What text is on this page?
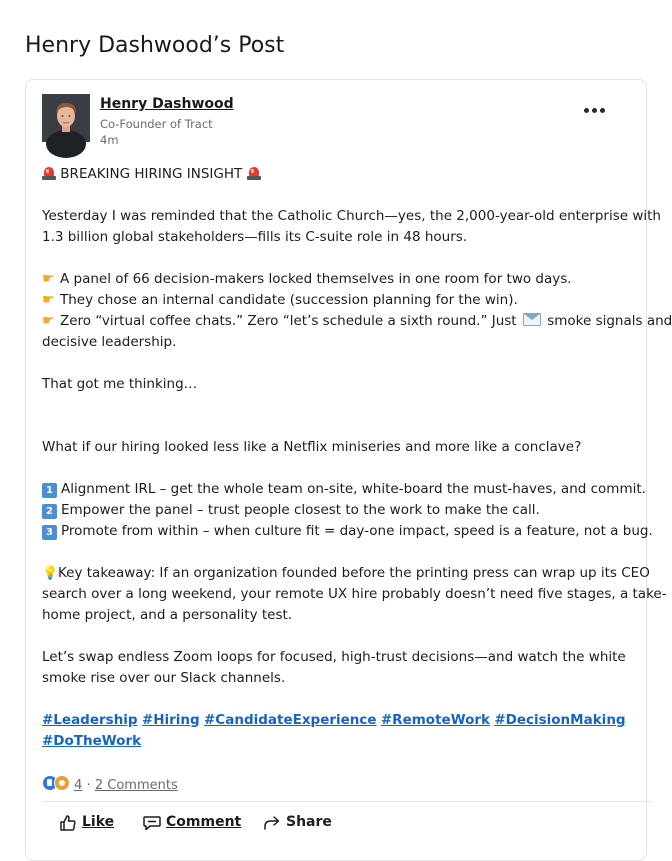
Henry Dashwood’s Post
Henry Dashwood
Co-Founder of Tract
4m
BREAKING HIRING INSIGHT
Yesterday I was reminded that the Catholic Church—yes, the 2,000-year-old enterprise with
1.3 billion global stakeholders—fills its C-suite role in 48 hours.
☛ A panel of 66 decision-makers locked themselves in one room for two days.
☛ They chose an internal candidate (succession planning for the win).
☛ Zero “virtual coffee chats.” Zero “let’s schedule a sixth round.” Just smoke signals and
decisive leadership.
That got me thinking…
What if our hiring looked less like a Netflix miniseries and more like a conclave?
1 Alignment IRL – get the whole team on-site, white-board the must-haves, and commit.
2 Empower the panel – trust people closest to the work to make the call.
3 Promote from within – when culture fit = day-one impact, speed is a feature, not a bug.
💡Key takeaway: If an organization founded before the printing press can wrap up its CEO
search over a long weekend, your remote UX hire probably doesn’t need five stages, a take-
home project, and a personality test.
Let’s swap endless Zoom loops for focused, high-trust decisions—and watch the white
smoke rise over our Slack channels.
#Leadership #Hiring #CandidateExperience #RemoteWork #DecisionMaking
#DoTheWork
4 · 2 Comments
Like	Comment	Share
